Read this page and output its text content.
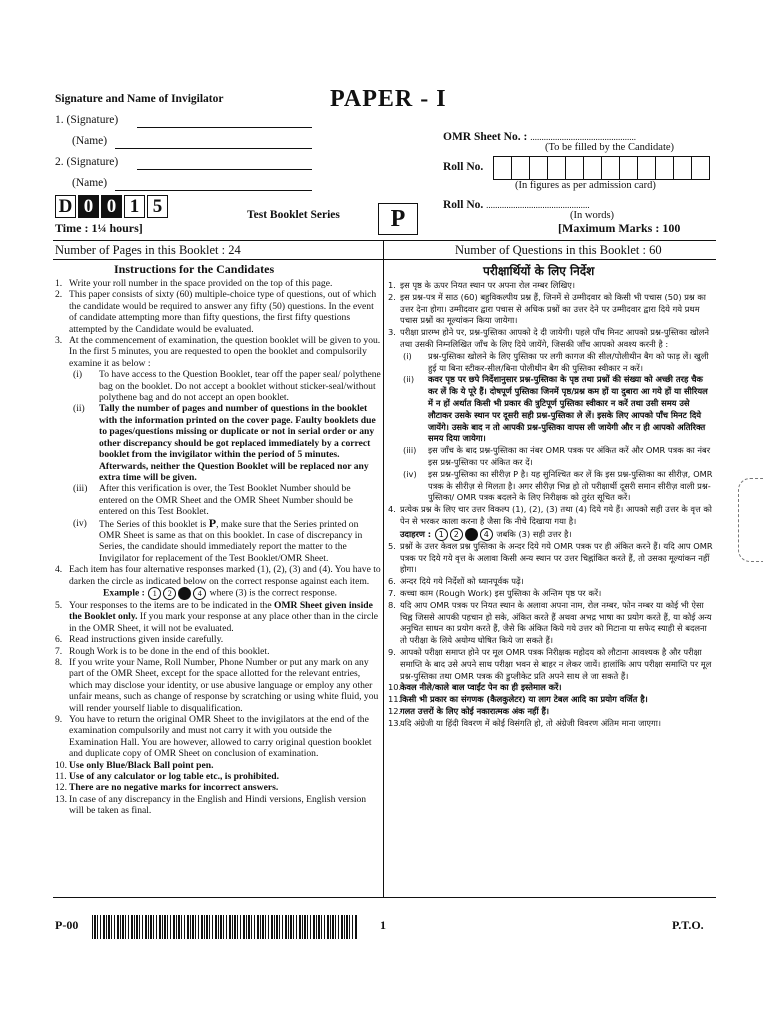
PAPER - I
Signature and Name of Invigilator
1. (Signature)
(Name)
2. (Signature)
(Name)
D 0 0 1 5
Time : 1¼ hours]
Test Booklet Series	P
OMR Sheet No. : ...............................................
(To be filled by the Candidate)
Roll No.
(In figures as per admission card)
Roll No. ..............................................
(In words)
[Maximum Marks : 100
Number of Pages in this Booklet : 24	Number of Questions in this Booklet : 60
Instructions for the Candidates

1. Write your roll number in the space provided on the top of this page.

2. This paper consists of sixty (60) multiple-choice type of questions, out of which the candidate would be required to answer any fifty (50) questions. In the event of candidate attempting more than fifty questions, the first fifty questions attempted by the Candidate would be evaluated.

3. At the commencement of examination, the question booklet will be given to you. In the first 5 minutes, you are requested to open the booklet and compulsorily examine it as below :

(i) To have access to the Question Booklet, tear off the paper seal/ polythene bag on the booklet. Do not accept a booklet without sticker-seal/without polythene bag and do not accept an open booklet.

(ii) Tally the number of pages and number of questions in the booklet with the information printed on the cover page. Faulty booklets due to pages/questions missing or duplicate or not in serial order or any other discrepancy should be got replaced immediately by a correct booklet from the invigilator within the period of 5 minutes. Afterwards, neither the Question Booklet will be replaced nor any extra time will be given.

(iii) After this verification is over, the Test Booklet Number should be entered on the OMR Sheet and the OMR Sheet Number should be entered on this Test Booklet.

(iv) The Series of this booklet is P, make sure that the Series printed on OMR Sheet is same as that on this booklet. In case of discrepancy in Series, the candidate should immediately report the matter to the Invigilator for replacement of the Test Booklet/OMR Sheet.

4. Each item has four alternative responses marked (1), (2), (3) and (4). You have to darken the circle as indicated below on the correct response against each item.

Example : 1 2	4 where (3) is the correct response.

5. Your responses to the items are to be indicated in the OMR Sheet given inside the Booklet only. If you mark your response at any place other than in the circle in the OMR Sheet, it will not be evaluated.

6. Read instructions given inside carefully.

7. Rough Work is to be done in the end of this booklet.

8. If you write your Name, Roll Number, Phone Number or put any mark on any part of the OMR Sheet, except for the space allotted for the relevant entries, which may disclose your identity, or use abusive language or employ any other unfair means, such as change of response by scratching or using white fluid, you will render yourself liable to disqualification.

9. You have to return the original OMR Sheet to the invigilators at the end of the examination compulsorily and must not carry it with you outside the Examination Hall. You are however, allowed to carry original question booklet and duplicate copy of OMR Sheet on conclusion of examination.

10. Use only Blue/Black Ball point pen.

11. Use of any calculator or log table etc., is prohibited.

12. There are no negative marks for incorrect answers.

13. In case of any discrepancy in the English and Hindi versions, English version will be taken as final.

परीक्षार्थियों के लिए निर्देश

1. इस पृष्ठ के ऊपर नियत स्थान पर अपना रोल नम्बर लिखिए।

2. इस प्रश्न-पत्र में साठ (60) बहुविकल्पीय प्रश्न हैं, जिनमें से उम्मीदवार को किसी भी पचास (50) प्रश्न का उत्तर देना होगा। उम्मीदवार द्वारा पचास से अधिक प्रश्नों का उत्तर देने पर उम्मीदवार द्वारा दिये गये प्रथम पचास प्रश्नों का मूल्यांकन किया जायेगा।

3. परीक्षा प्रारम्भ होने पर, प्रश्न-पुस्तिका आपको दे दी जायेगी। पहले पाँच मिनट आपको प्रश्न-पुस्तिका खोलने तथा उसकी निम्नलिखित जाँच के लिए दिये जायेंगे, जिसकी जाँच आपको अवश्य करनी है :

(i) प्रश्न-पुस्तिका खोलने के लिए पुस्तिका पर लगी कागज की सील/पोलीथीन बैग को फाड़ लें। खुली हुई या बिना स्टीकर-सील/बिना पोलीथीन बैग की पुस्तिका स्वीकार न करें।

(ii) कवर पृष्ठ पर छपे निर्देशानुसार प्रश्न-पुस्तिका के पृष्ठ तथा प्रश्नों की संख्या को अच्छी तरह चैक कर लें कि ये पूरे हैं। दोषपूर्ण पुस्तिका जिनमें पृष्ठ/प्रश्न कम हों या दुबारा आ गये हों या सीरियल में न हों अर्थात किसी भी प्रकार की त्रुटिपूर्ण पुस्तिका स्वीकार न करें तथा उसी समय उसे लौटाकर उसके स्थान पर दूसरी सही प्रश्न-पुस्तिका ले लें। इसके लिए आपको पाँच मिनट दिये जायेंगे। उसके बाद न तो आपकी प्रश्न-पुस्तिका वापस ली जायेगी और न ही आपको अतिरिक्त समय दिया जायेगा।

(iii) इस जाँच के बाद प्रश्न-पुस्तिका का नंबर OMR पत्रक पर अंकित करें और OMR पत्रक का नंबर इस प्रश्न-पुस्तिका पर अंकित कर दें।

(iv) इस प्रश्न-पुस्तिका का सीरीज़ P है। यह सुनिश्चित कर लें कि इस प्रश्न-पुस्तिका का सीरीज़, OMR पत्रक के सीरीज़ से मिलता है। अगर सीरीज़ भिन्न हो तो परीक्षार्थी दूसरी समान सीरीज़ वाली प्रश्न-पुस्तिका/ OMR पत्रक बदलने के लिए निरीक्षक को तुरंत सूचित करें।

4. प्रत्येक प्रश्न के लिए चार उत्तर विकल्प (1), (2), (3) तथा (4) दिये गये हैं। आपको सही उत्तर के वृत्त को पेन से भरकर काला करना है जैसा कि नीचे दिखाया गया है।

उदाहरण : 1 2	4 जबकि (3) सही उत्तर है।

5. प्रश्नों के उत्तर केवल प्रश्न पुस्तिका के अन्दर दिये गये OMR पत्रक पर ही अंकित करने हैं। यदि आप OMR पत्रक पर दिये गये वृत्त के अलावा किसी अन्य स्थान पर उत्तर चिह्नांकित करते हैं, तो उसका मूल्यांकन नहीं होगा।

6. अन्दर दिये गये निर्देशों को ध्यानपूर्वक पढ़ें।

7. कच्चा काम (Rough Work) इस पुस्तिका के अन्तिम पृष्ठ पर करें।

8. यदि आप OMR पत्रक पर नियत स्थान के अलावा अपना नाम, रोल नम्बर, फोन नम्बर या कोई भी ऐसा चिह्न जिससे आपकी पहचान हो सके, अंकित करते हैं अथवा अभद्र भाषा का प्रयोग करते हैं, या कोई अन्य अनुचित साधन का प्रयोग करते हैं, जैसे कि अंकित किये गये उत्तर को मिटाना या सफेद स्याही से बदलना तो परीक्षा के लिये अयोग्य घोषित किये जा सकते हैं।

9. आपको परीक्षा समाप्त होने पर मूल OMR पत्रक निरीक्षक महोदय को लौटाना आवश्यक है और परीक्षा समाप्ति के बाद उसे अपने साथ परीक्षा भवन से बाहर न लेकर जायें। हालांकि आप परीक्षा समाप्ति पर मूल प्रश्न-पुस्तिका तथा OMR पत्रक की डुप्लीकेट प्रति अपने साथ ले जा सकते हैं।

10.
केवल नीले/काले बाल प्वाईंट पेन का ही इस्तेमाल करें।

11.
किसी भी प्रकार का संगणक (कैलकुलेटर) या लाग टेबल आदि का प्रयोग वर्जित है।

12.
गलत उत्तरों के लिए कोई नकारात्मक अंक नहीं हैं।

13.
यदि अंग्रेजी या हिंदी विवरण में कोई विसंगति हो, तो अंग्रेजी विवरण अंतिम माना जाएगा।

P-00	1	P.T.O.
